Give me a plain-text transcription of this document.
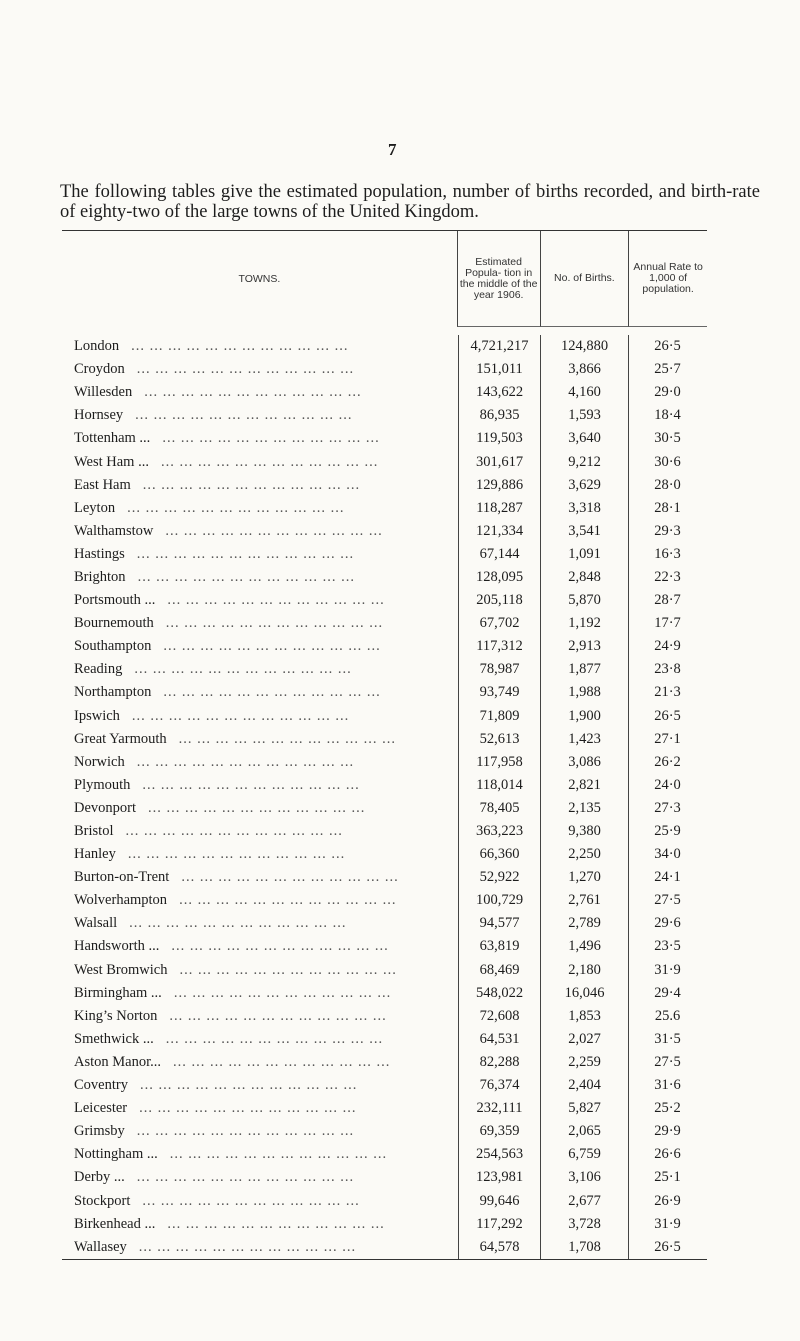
7
The following tables give the estimated population, number of births recorded, and birth-rate of eighty-two of the large towns of the United Kingdom.
TOWNS.
Estimated Popula- tion in the middle of the year 1906.
No. of Births.
Annual Rate to 1,000 of population.
London ... ... ... ... ... ... ... ... ... ... ... ...	4,721,217 124,880	26·5
Croydon ... ... ... ... ... ... ... ... ... ... ... ...	151,011	3,866	25·7
Willesden ... ... ... ... ... ... ... ... ... ... ... ...	143,622	4,160	29·0
Hornsey ... ... ... ... ... ... ... ... ... ... ... ...	86,935	1,593	18·4
Tottenham ... ... ... ... ... ... ... ... ... ... ... ... ...	119,503	3,640	30·5
West Ham ... ... ... ... ... ... ... ... ... ... ... ... ...	301,617	9,212	30·6
East Ham ... ... ... ... ... ... ... ... ... ... ... ...	129,886	3,629	28·0
Leyton ... ... ... ... ... ... ... ... ... ... ... ...	118,287	3,318	28·1
Walthamstow ... ... ... ... ... ... ... ... ... ... ... ...	121,334	3,541	29·3
Hastings ... ... ... ... ... ... ... ... ... ... ... ...	67,144	1,091	16·3
Brighton ... ... ... ... ... ... ... ... ... ... ... ...	128,095	2,848	22·3
Portsmouth ... ... ... ... ... ... ... ... ... ... ... ... ...	205,118	5,870	28·7
Bournemouth ... ... ... ... ... ... ... ... ... ... ... ...	67,702	1,192	17·7
Southampton ... ... ... ... ... ... ... ... ... ... ... ...	117,312	2,913	24·9
Reading ... ... ... ... ... ... ... ... ... ... ... ...	78,987	1,877	23·8
Northampton ... ... ... ... ... ... ... ... ... ... ... ...	93,749	1,988	21·3
Ipswich ... ... ... ... ... ... ... ... ... ... ... ...	71,809	1,900	26·5
Great Yarmouth ... ... ... ... ... ... ... ... ... ... ... ...	52,613	1,423	27·1
Norwich ... ... ... ... ... ... ... ... ... ... ... ...	117,958	3,086	26·2
Plymouth ... ... ... ... ... ... ... ... ... ... ... ...	118,014	2,821	24·0
Devonport ... ... ... ... ... ... ... ... ... ... ... ...	78,405	2,135	27·3
Bristol ... ... ... ... ... ... ... ... ... ... ... ...	363,223	9,380	25·9
Hanley ... ... ... ... ... ... ... ... ... ... ... ...	66,360	2,250	34·0
Burton-on-Trent ... ... ... ... ... ... ... ... ... ... ... ...	52,922	1,270	24·1
Wolverhampton ... ... ... ... ... ... ... ... ... ... ... ...	100,729	2,761	27·5
Walsall ... ... ... ... ... ... ... ... ... ... ... ...	94,577	2,789	29·6
Handsworth ... ... ... ... ... ... ... ... ... ... ... ... ...	63,819	1,496	23·5
West Bromwich ... ... ... ... ... ... ... ... ... ... ... ...	68,469	2,180	31·9
Birmingham ... ... ... ... ... ... ... ... ... ... ... ... ...	548,022	16,046	29·4
King’s Norton ... ... ... ... ... ... ... ... ... ... ... ...	72,608	1,853	25.6
Smethwick ... ... ... ... ... ... ... ... ... ... ... ... ...	64,531	2,027	31·5
Aston Manor... ... ... ... ... ... ... ... ... ... ... ... ...	82,288	2,259	27·5
Coventry ... ... ... ... ... ... ... ... ... ... ... ...	76,374	2,404	31·6
Leicester ... ... ... ... ... ... ... ... ... ... ... ...	232,111	5,827	25·2
Grimsby ... ... ... ... ... ... ... ... ... ... ... ...	69,359	2,065	29·9
Nottingham ... ... ... ... ... ... ... ... ... ... ... ... ...	254,563	6,759	26·6
Derby ... ... ... ... ... ... ... ... ... ... ... ... ...	123,981	3,106	25·1
Stockport ... ... ... ... ... ... ... ... ... ... ... ...	99,646	2,677	26·9
Birkenhead ... ... ... ... ... ... ... ... ... ... ... ... ...	117,292	3,728	31·9
Wallasey ... ... ... ... ... ... ... ... ... ... ... ...	64,578	1,708	26·5
